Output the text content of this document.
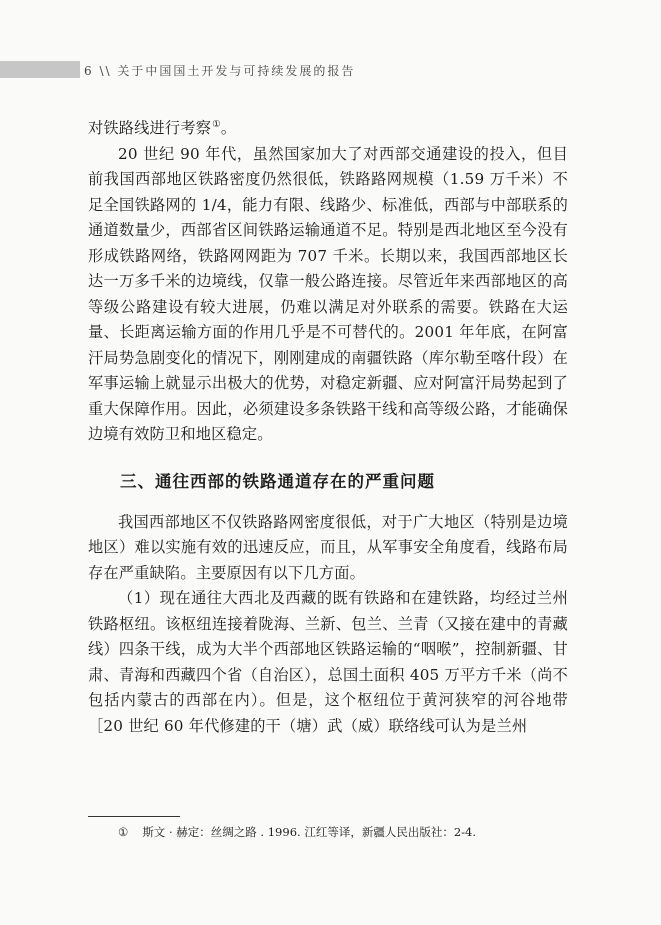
6 \\ 关于中国国土开发与可持续发展的报告

对铁路线进行考察①。

20 世纪 90 年代，虽然国家加大了对西部交通建设的投入，但目前我国西部地区铁路密度仍然很低，铁路路网规模（1.59 万千米）不足全国铁路网的 1/4，能力有限、线路少、标准低，西部与中部联系的通道数量少，西部省区间铁路运输通道不足。特别是西北地区至今没有形成铁路网络，铁路网网距为 707 千米。长期以来，我国西部地区长达一万多千米的边境线，仅靠一般公路连接。尽管近年来西部地区的高等级公路建设有较大进展，仍难以满足对外联系的需要。铁路在大运量、长距离运输方面的作用几乎是不可替代的。2001 年年底，在阿富汗局势急剧变化的情况下，刚刚建成的南疆铁路（库尔勒至喀什段）在军事运输上就显示出极大的优势，对稳定新疆、应对阿富汗局势起到了重大保障作用。因此，必须建设多条铁路干线和高等级公路，才能确保边境有效防卫和地区稳定。

三、通往西部的铁路通道存在的严重问题

我国西部地区不仅铁路路网密度很低，对于广大地区（特别是边境地区）难以实施有效的迅速反应，而且，从军事安全角度看，线路布局存在严重缺陷。主要原因有以下几方面。

（1）现在通往大西北及西藏的既有铁路和在建铁路，均经过兰州铁路枢纽。该枢纽连接着陇海、兰新、包兰、兰青（又接在建中的青藏线）四条干线，成为大半个西部地区铁路运输的“咽喉”，控制新疆、甘肃、青海和西藏四个省（自治区），总国土面积 405 万平方千米（尚不包括内蒙古的西部在内）。但是，这个枢纽位于黄河狭窄的河谷地带［20 世纪 60 年代修建的干（塘）武（威）联络线可认为是兰州

① 斯文 · 赫定：丝绸之路 . 1996. 江红等译，新疆人民出版社：2-4.
